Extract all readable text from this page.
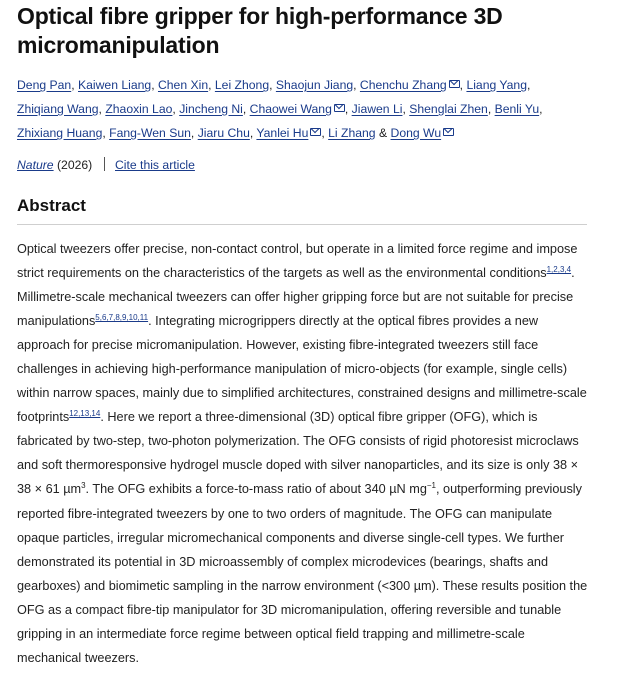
Optical fibre gripper for high-performance 3D micromanipulation
Deng Pan, Kaiwen Liang, Chen Xin, Lei Zhong, Shaojun Jiang, Chenchu Zhang , Liang Yang, Zhiqiang Wang, Zhaoxin Lao, Jincheng Ni, Chaowei Wang , Jiawen Li, Shenglai Zhen, Benli Yu, Zhixiang Huang, Fang-Wen Sun, Jiaru Chu, Yanlei Hu , Li Zhang & Dong Wu
Nature (2026) Cite this article
Abstract

Optical tweezers offer precise, non-contact control, but operate in a limited force regime and impose strict requirements on the characteristics of the targets as well as the environmental conditions$^{1,2,3,4}$. Millimetre-scale mechanical tweezers can offer higher gripping force but are not suitable for precise manipulations$^{5,6,7,8,9,10,11}$. Integrating microgrippers directly at the optical fibres provides a new approach for precise micromanipulation. However, existing fibre-integrated tweezers still face challenges in achieving high-performance manipulation of micro-objects (for example, single cells) within narrow spaces, mainly due to simplified architectures, constrained designs and millimetre-scale footprints$^{12,13,14}$. Here we report a three-dimensional (3D) optical fibre gripper (OFG), which is fabricated by two-step, two-photon polymerization. The OFG consists of rigid photoresist microclaws and soft thermoresponsive hydrogel muscle doped with silver nanoparticles, and its size is only 38 × 38 × 61 µm$^3$. The OFG exhibits a force-to-mass ratio of about 340 µN $mg^{-1}$, outperforming previously reported fibre-integrated tweezers by one to two orders of magnitude. The OFG can manipulate opaque particles, irregular micromechanical components and diverse single-cell types. We further demonstrated its potential in 3D microassembly of complex microdevices (bearings, shafts and gearboxes) and biomimetic sampling in the narrow environment (<300 µm). These results position the OFG as a compact fibre-tip manipulator for 3D micromanipulation, offering reversible and tunable gripping in an intermediate force regime between optical field trapping and millimetre-scale mechanical tweezers.
